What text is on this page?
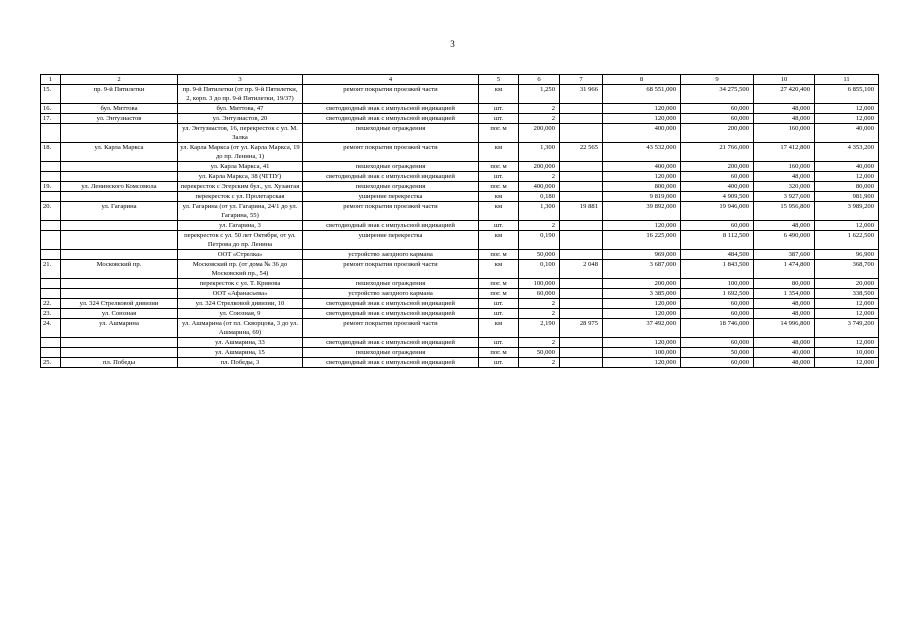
3
1	2	3	4	5	6	7	8	9	10	11
15.	пр. 9-й Пятилетки	пр. 9-й Пятилетки (от пр. 9-й Пятилетки, 2, корп. 3 до пр. 9-й Пятилетки, 19/37)	ремонт покрытия проезжей части	км	1,250	31 966	68 551,000	34 275,500	27 420,400	6 855,100
16.	бул. Миттова	бул. Миттова, 47	светодиодный знак с импульсной индикацией	шт.	2		120,000	60,000	48,000	12,000
17.	ул. Энтузиастов	ул. Энтузиастов, 20	светодиодный знак с импульсной индикацией	шт.	2		120,000	60,000	48,000	12,000
		ул. Энтузиастов, 16, перекресток с ул. М. Залка	пешеходные ограждения	пог. м	200,000		400,000	200,000	160,000	40,000
18.	ул. Карла Маркса	ул. Карла Маркса (от ул. Карла Маркса, 19 до пр. Ленина, 1)	ремонт покрытия проезжей части	км	1,300	22 565	43 532,000	21 766,000	17 412,800	4 353,200
		ул. Карла Маркса, 41	пешеходные ограждения	пог. м	200,000		400,000	200,000	160,000	40,000
		ул. Карла Маркса, 38 (ЧГПУ)	светодиодный знак с импульсной индикацией	шт.	2		120,000	60,000	48,000	12,000
19.	ул. Ленинского Комсомола	перекресток с Эгерским бул., ул. Хузангая	пешеходные ограждения	пог. м	400,000		800,000	400,000	320,000	80,000
		перекресток с ул. Пролетарская	уширение перекрестка	км	0,180		9 819,000	4 909,500	3 927,600	981,900
20.	ул. Гагарина	ул. Гагарина (от ул. Гагарина, 24/1 до ул. Гагарина, 55)	ремонт покрытия проезжей части	км	1,300	19 881	39 892,000	19 946,000	15 956,800	3 989,200
		ул. Гагарина, 3	светодиодный знак с импульсной индикацией	шт.	2		120,000	60,000	48,000	12,000
		перекресток с ул. 50 лет Октября, от ул. Петрова до пр. Ленина	уширение перекрестка	км	0,190		16 225,000	8 112,500	6 490,000	1 622,500
		ООТ «Стрелка»	устройство заездного кармана	пог. м	50,000		969,000	484,500	387,600	96,900
21.	Московский пр.	Московский пр. (от дома № 36 до Московский пр., 54)	ремонт покрытия проезжей части	км	0,100	2 048	3 687,000	1 843,500	1 474,800	368,700
		перекресток с ул. Т. Кривова	пешеходные ограждения	пог. м	100,000		200,000	100,000	80,000	20,000
		ООТ «Афанасьева»	устройство заездного кармана	пог. м	60,000		3 385,000	1 692,500	1 354,000	338,500
22.	ул. 324 Стрелковой дивизии	ул. 324 Стрелковой дивизии, 10	светодиодный знак с импульсной индикацией	шт.	2		120,000	60,000	48,000	12,000
23.	ул. Союзная	ул. Союзная, 9	светодиодный знак с импульсной индикацией	шт.	2		120,000	60,000	48,000	12,000
24.	ул. Ашмарина	ул. Ашмарина (от пл. Скворцова, 3 до ул. Ашмарина, 69)	ремонт покрытия проезжей части	км	2,190	28 975	37 492,000	18 746,000	14 996,800	3 749,200
		ул. Ашмарина, 33	светодиодный знак с импульсной индикацией	шт.	2		120,000	60,000	48,000	12,000
		ул. Ашмарина, 15	пешеходные ограждения	пог. м	50,000		100,000	50,000	40,000	10,000
25.	пл. Победы	пл. Победы, 3	светодиодный знак с импульсной индикацией	шт.	2		120,000	60,000	48,000	12,000
